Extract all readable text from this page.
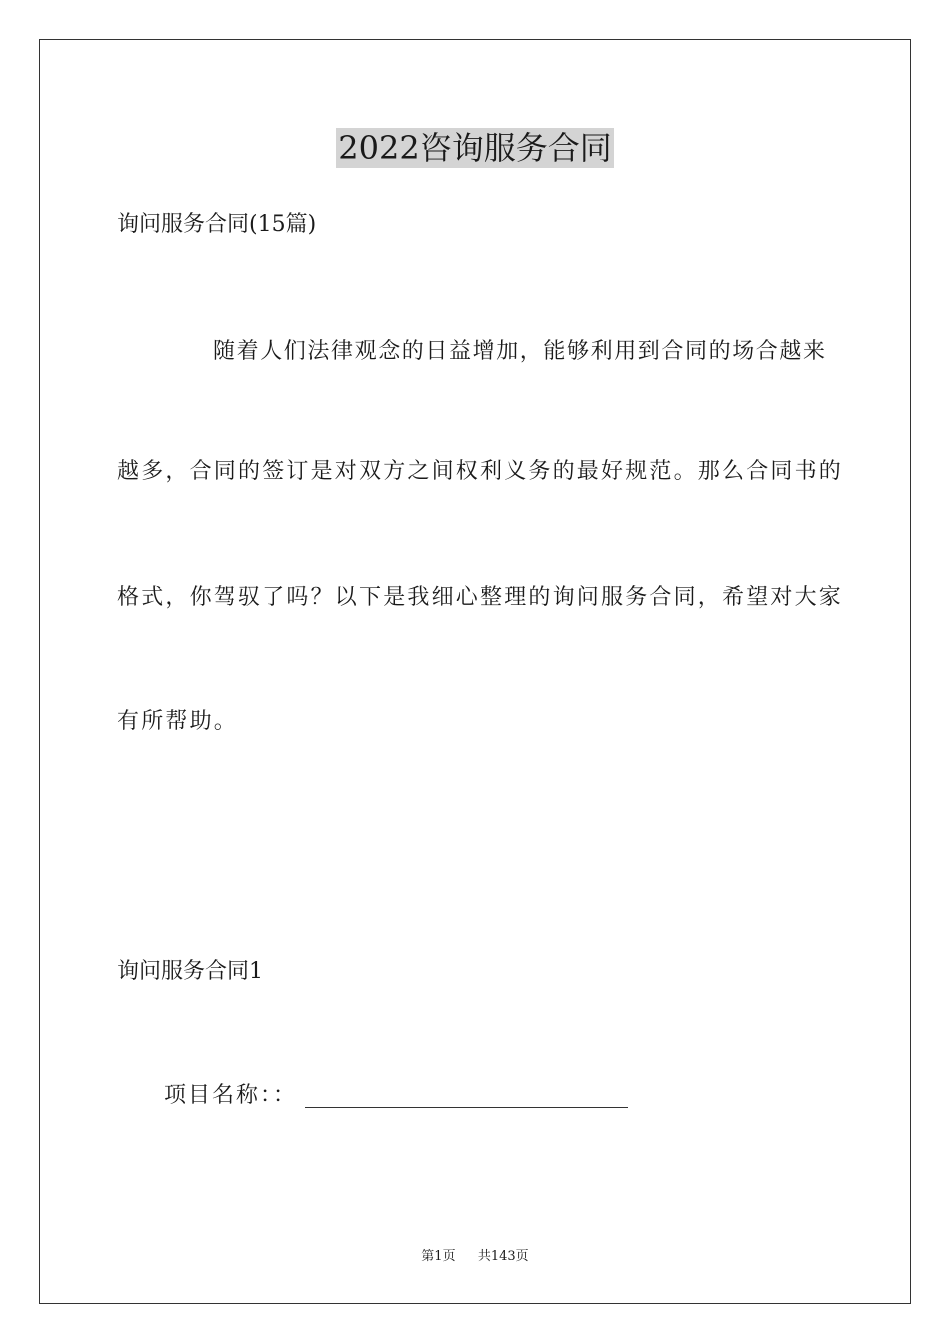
2022咨询服务合同
询问服务合同(15篇)
随着人们法律观念的日益增加，能够利用到合同的场合越来
越多，合同的签订是对双方之间权利义务的最好规范。那么合同书的
格式，你驾驭了吗？以下是我细心整理的询问服务合同，希望对大家
有所帮助。
询问服务合同1
项目名称：：
第1页 共143页
